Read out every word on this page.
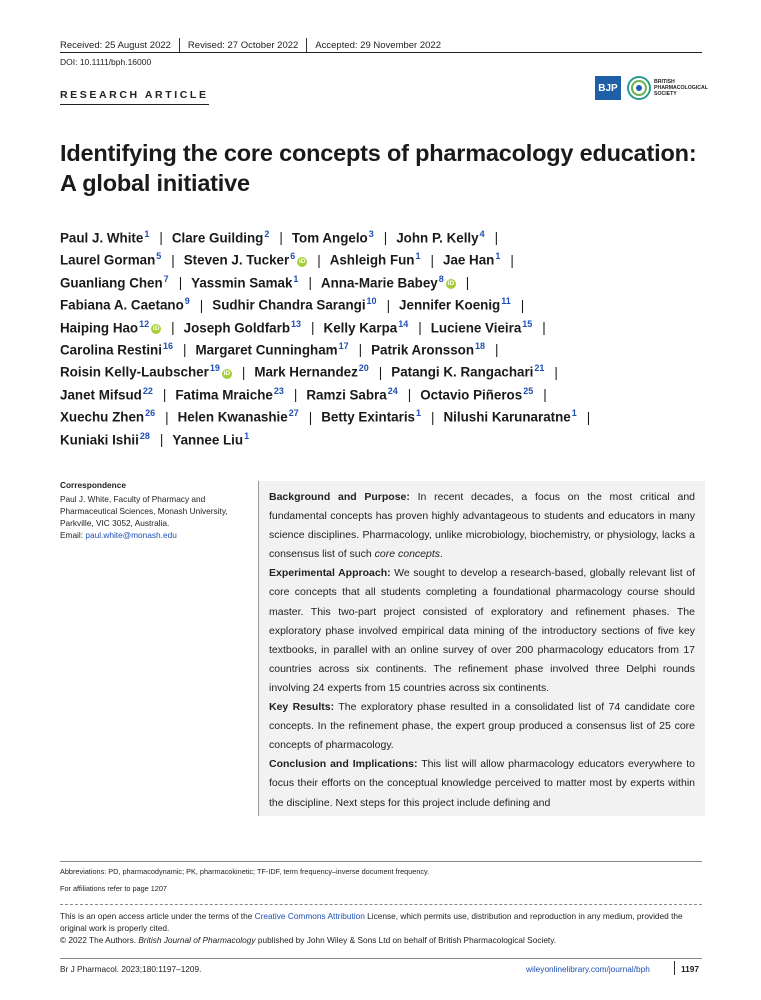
Received: 25 August 2022 Revised: 27 October 2022 Accepted: 29 November 2022
DOI: 10.1111/bph.16000
RESEARCH ARTICLE
BJP
BRITISH PHARMACOLOGICAL SOCIETY
Identifying the core concepts of pharmacology education: A global initiative
Paul J. White$^1$ | Clare Guilding$^2$ | Tom Angelo$^3$ | John P. Kelly$^4$ |
Laurel Gorman$^5$ | Steven J. Tucker$^6$ iD | Ashleigh Fun$^1$ | Jae Han$^1$ |
Guanliang Chen$^7$ | Yassmin Samak$^1$ | Anna-Marie Babey$^8$ iD |
Fabiana A. Caetano$^9$ | Sudhir Chandra Sarangi$^{10}$ | Jennifer Koenig$^{11}$ |
Haiping Hao$^{12}$ iD | Joseph Goldfarb$^{13}$ | Kelly Karpa$^{14}$ | Luciene Vieira$^{15}$ |
Carolina Restini$^{16}$ | Margaret Cunningham$^{17}$ | Patrik Aronsson$^{18}$ |
Roisin Kelly-Laubscher$^{19}$ iD | Mark Hernandez$^{20}$ | Patangi K. Rangachari$^{21}$ |
Janet Mifsud$^{22}$ | Fatima Mraiche$^{23}$ | Ramzi Sabra$^{24}$ | Octavio Piñeros$^{25}$ |
Xuechu Zhen$^{26}$ | Helen Kwanashie$^{27}$ | Betty Exintaris$^1$ | Nilushi Karunaratne$^1$ |
Kuniaki Ishii$^{28}$ | Yannee Liu$^1$
Correspondence
Paul J. White, Faculty of Pharmacy and
Pharmaceutical Sciences, Monash University,
Parkville, VIC 3052, Australia.
Email: paul.white@monash.edu

Background and Purpose: In recent decades, a focus on the most critical and fundamental concepts has proven highly advantageous to students and educators in many science disciplines. Pharmacology, unlike microbiology, biochemistry, or physiology, lacks a consensus list of such core concepts.

Experimental Approach: We sought to develop a research-based, globally relevant list of core concepts that all students completing a foundational pharmacology course should master. This two-part project consisted of exploratory and refinement phases. The exploratory phase involved empirical data mining of the introductory sections of five key textbooks, in parallel with an online survey of over 200 pharmacology educators from 17 countries across six continents. The refinement phase involved three Delphi rounds involving 24 experts from 15 countries across six continents.

Key Results: The exploratory phase resulted in a consolidated list of 74 candidate core concepts. In the refinement phase, the expert group produced a consensus list of 25 core concepts of pharmacology.

Conclusion and Implications: This list will allow pharmacology educators everywhere to focus their efforts on the conceptual knowledge perceived to matter most by experts within the discipline. Next steps for this project include defining and

Abbreviations: PD, pharmacodynamic; PK, pharmacokinetic; TF-IDF, term frequency–inverse document frequency.
For affiliations refer to page 1207
This is an open access article under the terms of the Creative Commons Attribution License, which permits use, distribution and reproduction in any medium, provided the original work is properly cited.
© 2022 The Authors. British Journal of Pharmacology published by John Wiley & Sons Ltd on behalf of British Pharmacological Society.
Br J Pharmacol. 2023;180:1197–1209.	wileyonlinelibrary.com/journal/bph	1197
